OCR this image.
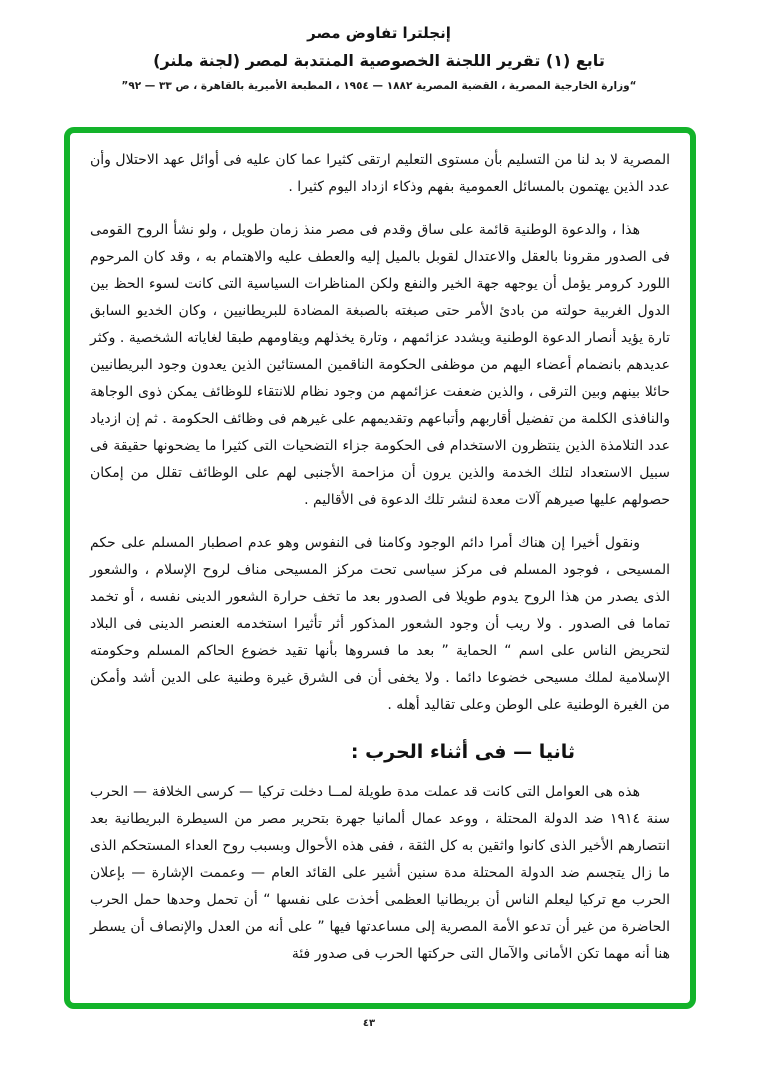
إنجلترا تفاوض مصر
تابع (١) تقرير اللجنة الخصوصية المنتدبة لمصر (لجنة ملنر)
“وزارة الخارجية المصرية ، القضية المصرية ١٨٨٢ — ١٩٥٤ ، المطبعة الأميرية بالقاهرة ، ص ٣٣ — ٩٢”

المصرية لا بد لنا من التسليم بأن مستوى التعليم ارتقى كثيرا عما كان عليه فى أوائل عهد الاحتلال وأن عدد الذين يهتمون بالمسائل العمومية بفهم وذكاء ازداد اليوم كثيرا .

هذا ، والدعوة الوطنية قائمة على ساق وقدم فى مصر منذ زمان طويل ، ولو نشأ الروح القومى فى الصدور مقرونا بالعقل والاعتدال لقوبل بالميل إليه والعطف عليه والاهتمام به ، وقد كان المرحوم اللورد كرومر يؤمل أن يوجهه جهة الخير والنفع ولكن المناظرات السياسية التى كانت لسوء الحظ بين الدول الغربية حولته من بادئ الأمر حتى صبغته بالصبغة المضادة للبريطانيين ، وكان الخديو السابق تارة يؤيد أنصار الدعوة الوطنية ويشدد عزائمهم ، وتارة يخذلهم ويقاومهم طبقا لغاياته الشخصية . وكثر عديدهم بانضمام أعضاء اليهم من موظفى الحكومة الناقمين المستائين الذين يعدون وجود البريطانيين حائلا بينهم وبين الترقى ، والذين ضعفت عزائمهم من وجود نظام للانتقاء للوظائف يمكن ذوى الوجاهة والنافذى الكلمة من تفضيل أقاربهم وأتباعهم وتقديمهم على غيرهم فى وظائف الحكومة . ثم إن ازدياد عدد التلامذة الذين ينتظرون الاستخدام فى الحكومة جزاء التضحيات التى كثيرا ما يضحونها حقيقة فى سبيل الاستعداد لتلك الخدمة والذين يرون أن مزاحمة الأجنبى لهم على الوظائف تقلل من إمكان حصولهم عليها صيرهم آلات معدة لنشر تلك الدعوة فى الأقاليم .

ونقول أخيرا إن هناك أمرا دائم الوجود وكامنا فى النفوس وهو عدم اصطبار المسلم على حكم المسيحى ، فوجود المسلم فى مركز سياسى تحت مركز المسيحى مناف لروح الإسلام ، والشعور الذى يصدر من هذا الروح يدوم طويلا فى الصدور بعد ما تخف حرارة الشعور الدينى نفسه ، أو تخمد تماما فى الصدور . ولا ريب أن وجود الشعور المذكور أثر تأثيرا استخدمه العنصر الدينى فى البلاد لتحريض الناس على اسم “ الحماية ” بعد ما فسروها بأنها تقيد خضوع الحاكم المسلم وحكومته الإسلامية لملك مسيحى خضوعا دائما . ولا يخفى أن فى الشرق غيرة وطنية على الدين أشد وأمكن من الغيرة الوطنية على الوطن وعلى تقاليد أهله .

ثانيا — فى أثناء الحرب :

هذه هى العوامل التى كانت قد عملت مدة طويلة لمــا دخلت تركيا — كرسى الخلافة — الحرب سنة ١٩١٤ ضد الدولة المحتلة ، ووعد عمال ألمانيا جهرة بتحرير مصر من السيطرة البريطانية بعد انتصارهم الأخير الذى كانوا واثقين به كل الثقة ، ففى هذه الأحوال وبسبب روح العداء المستحكم الذى ما زال يتجسم ضد الدولة المحتلة مدة سنين أشير على القائد العام — وعممت الإشارة — بإعلان الحرب مع تركيا ليعلم الناس أن بريطانيا العظمى أخذت على نفسها “ أن تحمل وحدها حمل الحرب الحاضرة من غير أن تدعو الأمة المصرية إلى مساعدتها فيها ” على أنه من العدل والإنصاف أن يسطر هنا أنه مهما تكن الأمانى والآمال التى حركتها الحرب فى صدور فئة

٤٣
